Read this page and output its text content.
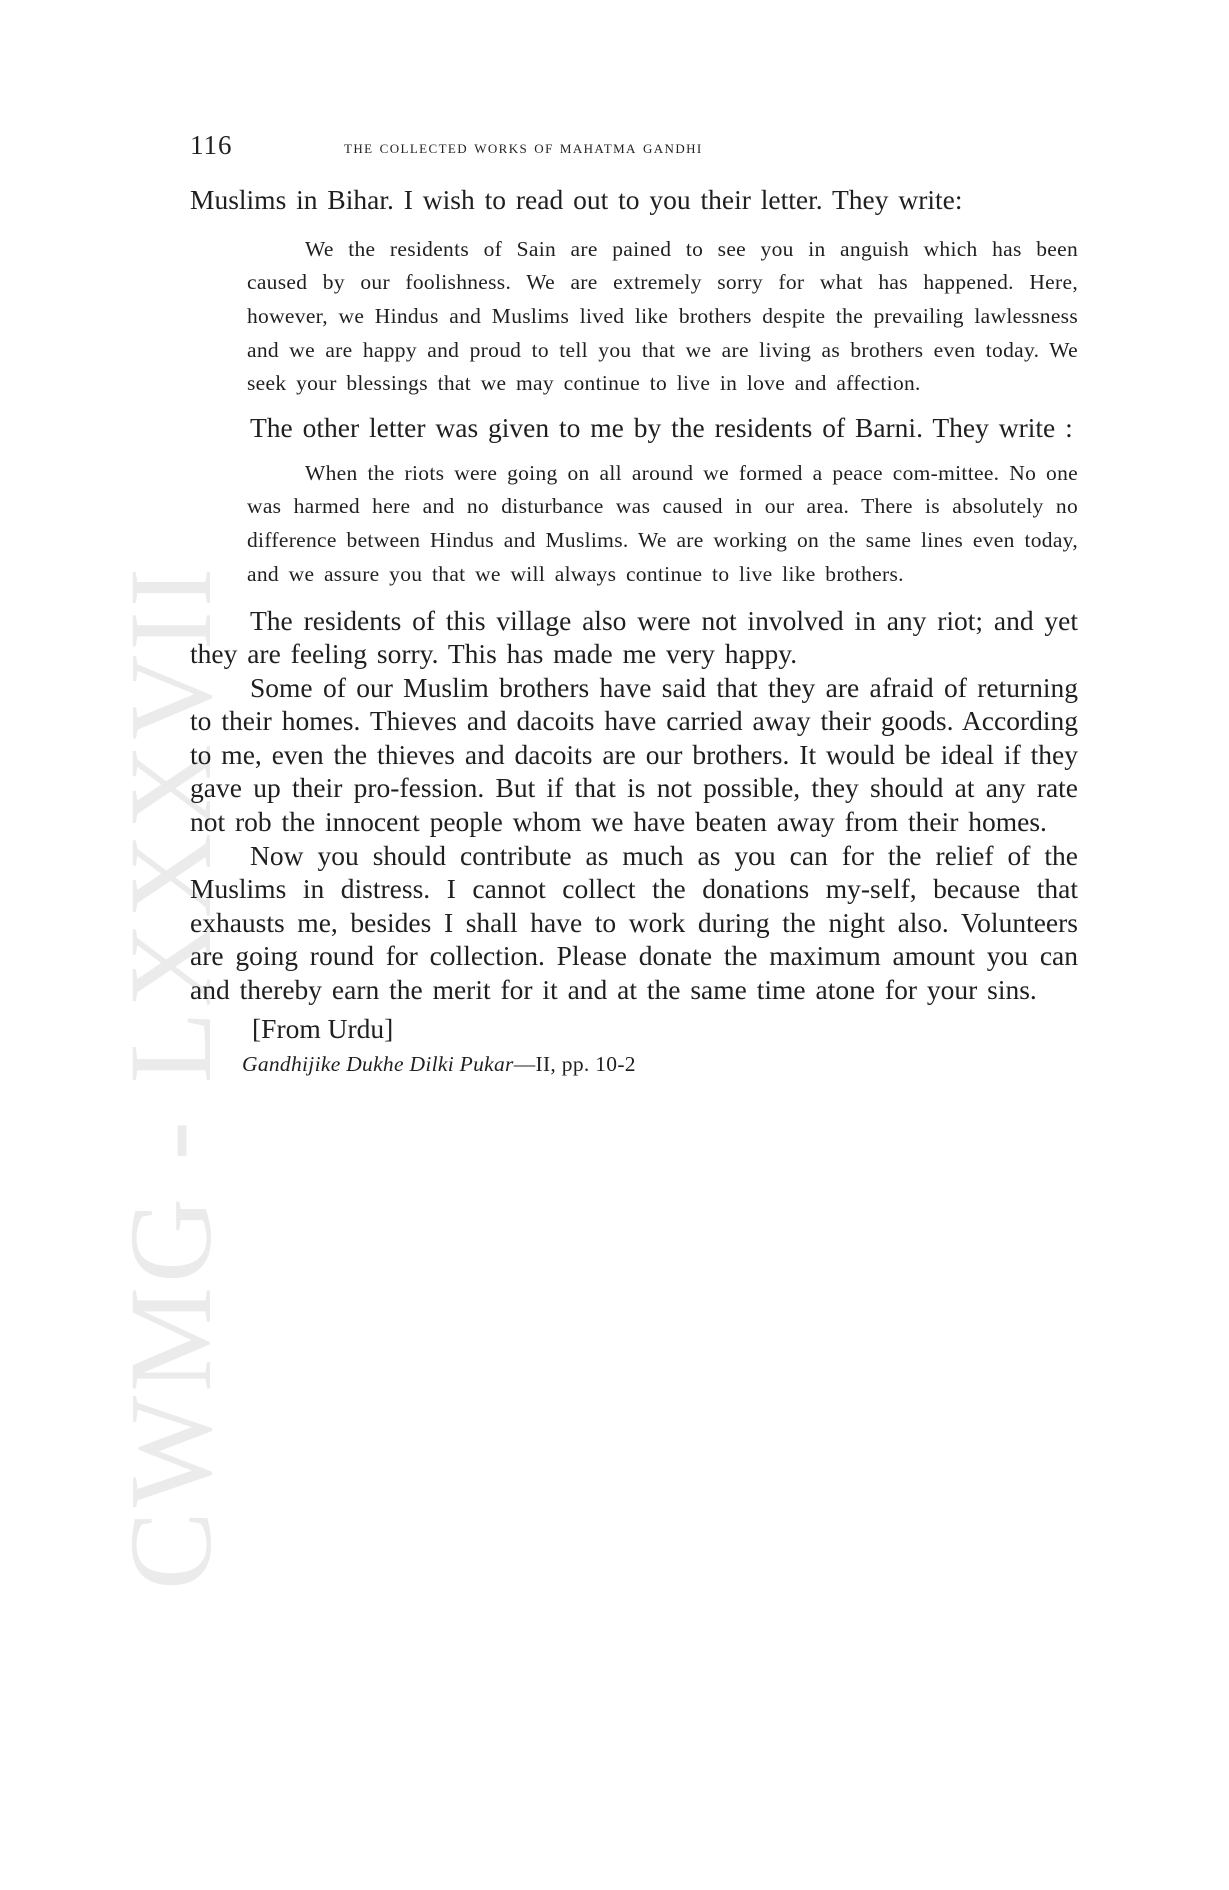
CWMG - LXXXVII
116	the collected works of mahatma gandhi

Muslims in Bihar. I wish to read out to you their letter. They write:

We the residents of Sain are pained to see you in anguish which has been caused by our foolishness. We are extremely sorry for what has happened. Here, however, we Hindus and Muslims lived like brothers despite the prevailing lawlessness and we are happy and proud to tell you that we are living as brothers even today. We seek your blessings that we may continue to live in love and affection.

The other letter was given to me by the residents of Barni. They write :

When the riots were going on all around we formed a peace com-mittee. No one was harmed here and no disturbance was caused in our area. There is absolutely no difference between Hindus and Muslims. We are working on the same lines even today, and we assure you that we will always continue to live like brothers.

The residents of this village also were not involved in any riot; and yet they are feeling sorry. This has made me very happy.

Some of our Muslim brothers have said that they are afraid of returning to their homes. Thieves and dacoits have carried away their goods. According to me, even the thieves and dacoits are our brothers. It would be ideal if they gave up their pro-fession. But if that is not possible, they should at any rate not rob the innocent people whom we have beaten away from their homes.

Now you should contribute as much as you can for the relief of the Muslims in distress. I cannot collect the donations my-self, because that exhausts me, besides I shall have to work during the night also. Volunteers are going round for collection. Please donate the maximum amount you can and thereby earn the merit for it and at the same time atone for your sins.

[From Urdu]

Gandhijike Dukhe Dilki Pukar—II, pp. 10-2
